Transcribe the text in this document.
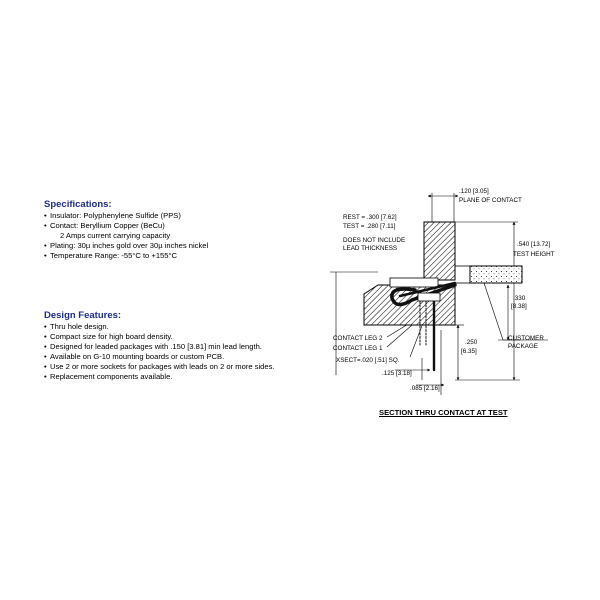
Specifications:
• Insulator: Polyphenylene Sulfide (PPS)
• Contact: Beryllium Copper (BeCu)
2 Amps current carrying capacity
• Plating: 30µ inches gold over 30µ inches nickel
• Temperature Range: -55°C to +155°C
Design Features:
• Thru hole design.
• Compact size for high board density.
• Designed for leaded packages with .150 [3.81] min lead length.
• Available on G-10 mounting boards or custom PCB.
• Use 2 or more sockets for packages with leads on 2 or more sides.
• Replacement components available.
.120 [3.05]
PLANE OF CONTACT
REST = .300 [7.62]
TEST = .280 [7.11]
DOES NOT INCLUDE
LEAD THICKNESS
.540 [13.72]
TEST HEIGHT
.330
[8.38]
CONTACT LEG 2
CONTACT LEG 1
XSECT=.020 [.51] SQ.
.250
[6.35]
CUSTOMER
PACKAGE
.125 [3.18]
.085 [2.16]
SECTION THRU CONTACT AT TEST
